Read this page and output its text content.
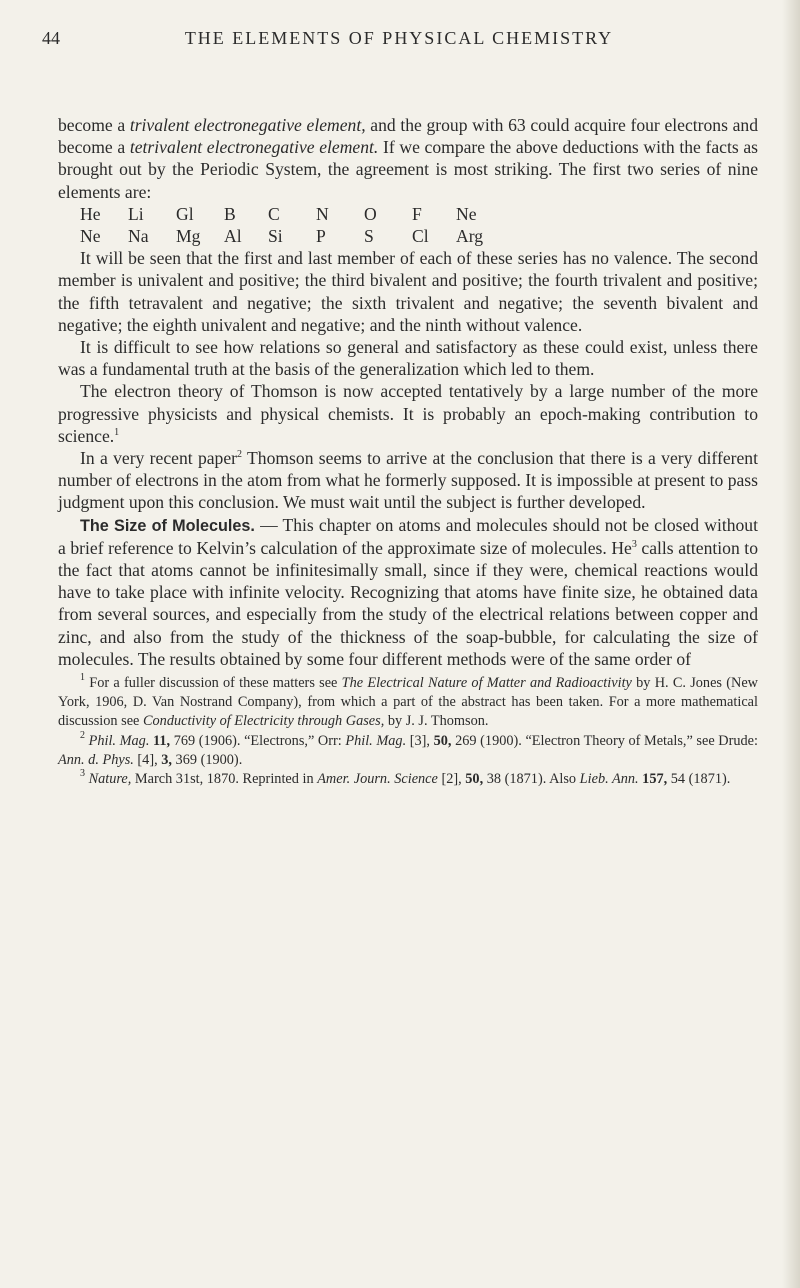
44	THE ELEMENTS OF PHYSICAL CHEMISTRY

become a trivalent electronegative element, and the group with 63 could acquire four electrons and become a tetrivalent electronegative element. If we compare the above deductions with the facts as brought out by the Periodic System, the agreement is most striking. The first two series of nine elements are:

He	Li	Gl	B	C	N	O	F	Ne
Ne	Na	Mg	Al	Si	P	S	Cl	Arg

It will be seen that the first and last member of each of these series has no valence. The second member is univalent and positive; the third bivalent and positive; the fourth trivalent and positive; the fifth tetravalent and negative; the sixth trivalent and negative; the seventh bivalent and negative; the eighth univalent and negative; and the ninth without valence.

It is difficult to see how relations so general and satisfactory as these could exist, unless there was a fundamental truth at the basis of the generalization which led to them.

The electron theory of Thomson is now accepted tentatively by a large number of the more progressive physicists and physical chemists. It is probably an epoch-making contribution to science.$^1$

In a very recent paper$^2$ Thomson seems to arrive at the conclusion that there is a very different number of electrons in the atom from what he formerly supposed. It is impossible at present to pass judgment upon this conclusion. We must wait until the subject is further developed.

The Size of Molecules. — This chapter on atoms and molecules should not be closed without a brief reference to Kelvin’s calculation of the approximate size of molecules. He$^3$ calls attention to the fact that atoms cannot be infinitesimally small, since if they were, chemical reactions would have to take place with infinite velocity. Recognizing that atoms have finite size, he obtained data from several sources, and especially from the study of the electrical relations between copper and zinc, and also from the study of the thickness of the soap-bubble, for calculating the size of molecules. The results obtained by some four different methods were of the same order of

$^1$ For a fuller discussion of these matters see The Electrical Nature of Matter and Radioactivity by H. C. Jones (New York, 1906, D. Van Nostrand Company), from which a part of the abstract has been taken. For a more mathematical discussion see Conductivity of Electricity through Gases, by J. J. Thomson.

$^2$ Phil. Mag. 11, 769 (1906). “Electrons,” Orr: Phil. Mag. [3], 50, 269 (1900). “Electron Theory of Metals,” see Drude: Ann. d. Phys. [4], 3, 369 (1900).

$^3$ Nature, March 31st, 1870. Reprinted in Amer. Journ. Science [2], 50, 38 (1871). Also Lieb. Ann. 157, 54 (1871).
